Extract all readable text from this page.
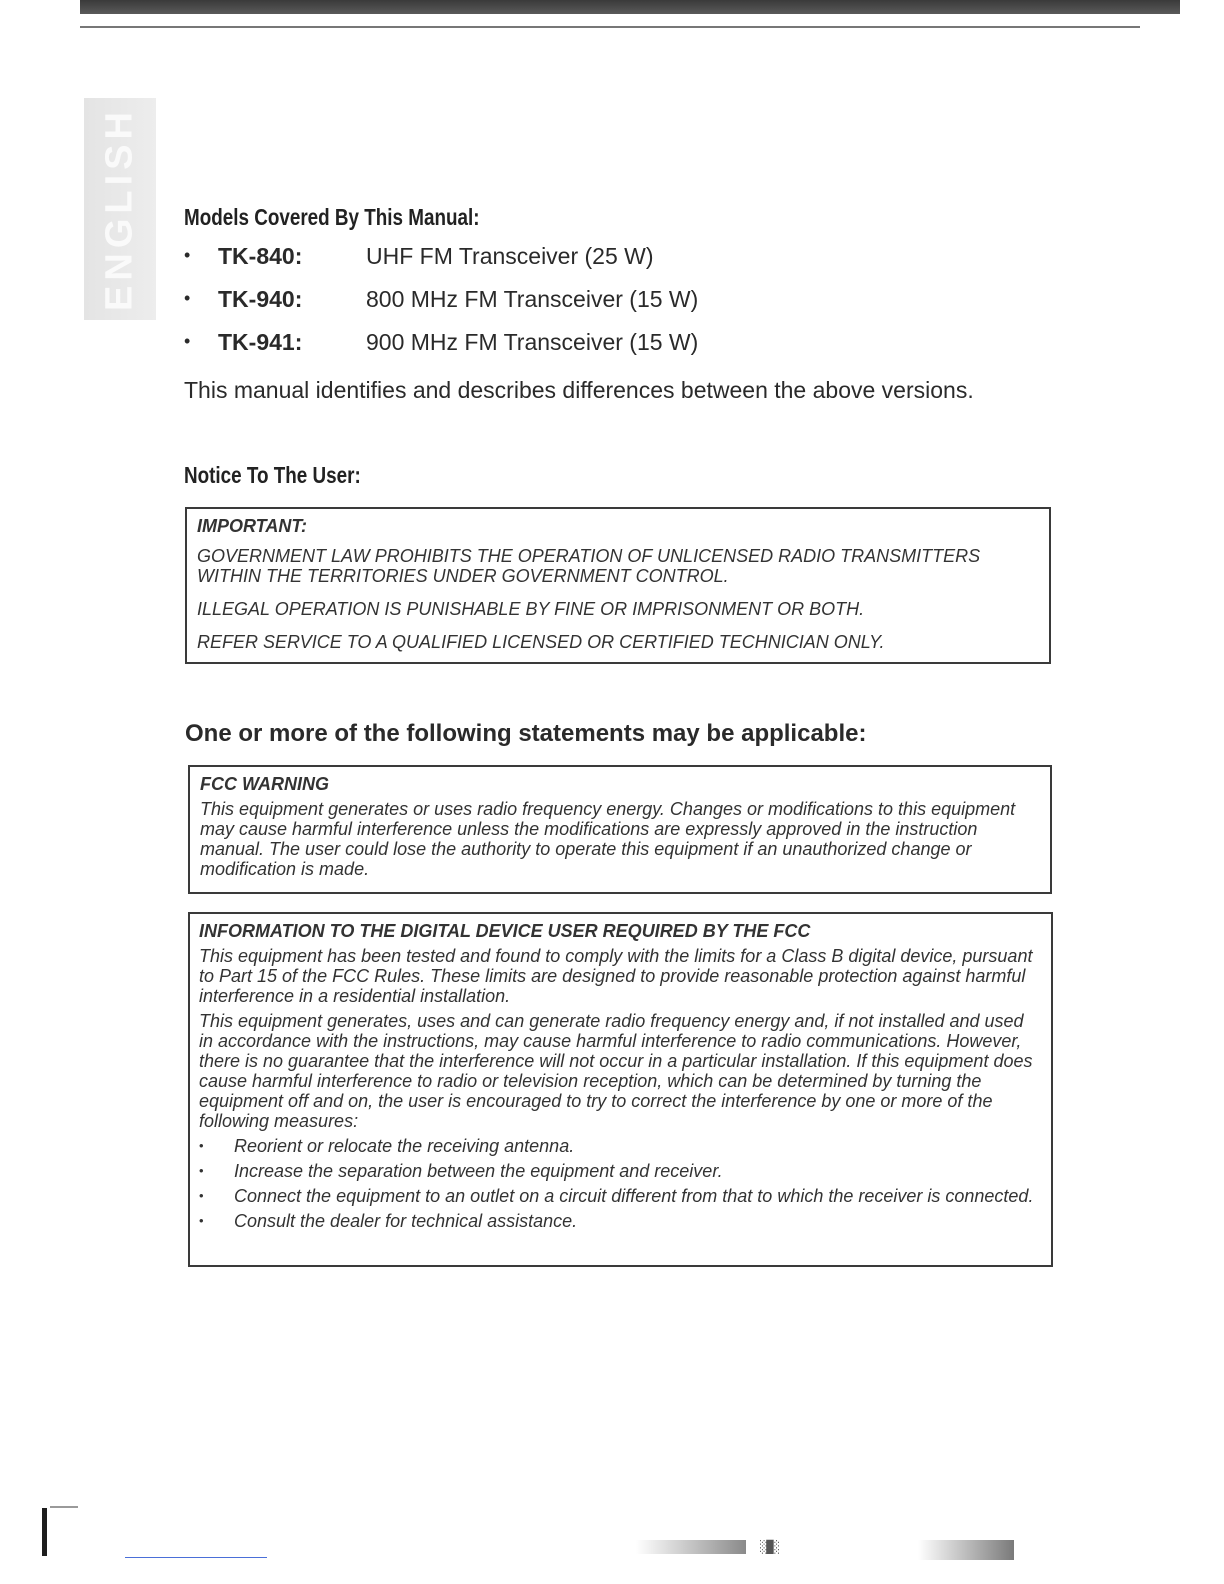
ENGLISH Models Covered By This Manual:
• TK-840:	UHF FM Transceiver (25 W)
• TK-940:	800 MHz FM Transceiver (15 W)
• TK-941:	900 MHz FM Transceiver (15 W)

This manual identifies and describes differences between the above versions.

Notice To The User:

IMPORTANT:

GOVERNMENT LAW PROHIBITS THE OPERATION OF UNLICENSED RADIO TRANSMITTERS WITHIN THE TERRITORIES UNDER GOVERNMENT CONTROL.

ILLEGAL OPERATION IS PUNISHABLE BY FINE OR IMPRISONMENT OR BOTH.

REFER SERVICE TO A QUALIFIED LICENSED OR CERTIFIED TECHNICIAN ONLY.

One or more of the following statements may be applicable:

FCC WARNING

This equipment generates or uses radio frequency energy. Changes or modifications to this equipment may cause harmful interference unless the modifications are expressly approved in the instruction manual. The user could lose the authority to operate this equipment if an unauthorized change or modification is made.

INFORMATION TO THE DIGITAL DEVICE USER REQUIRED BY THE FCC

This equipment has been tested and found to comply with the limits for a Class B digital device, pursuant to Part 15 of the FCC Rules. These limits are designed to provide reasonable protection against harmful interference in a residential installation.

This equipment generates, uses and can generate radio frequency energy and, if not installed and used in accordance with the instructions, may cause harmful interference to radio communications. However, there is no guarantee that the interference will not occur in a particular installation. If this equipment does cause harmful interference to radio or television reception, which can be determined by turning the equipment off and on, the user is encouraged to try to correct the interference by one or more of the following measures:

• Reorient or relocate the receiving antenna.
• Increase the separation between the equipment and receiver.
• Connect the equipment to an outlet on a circuit different from that to which the receiver is connected.
• Consult the dealer for technical assistance.
░█░
